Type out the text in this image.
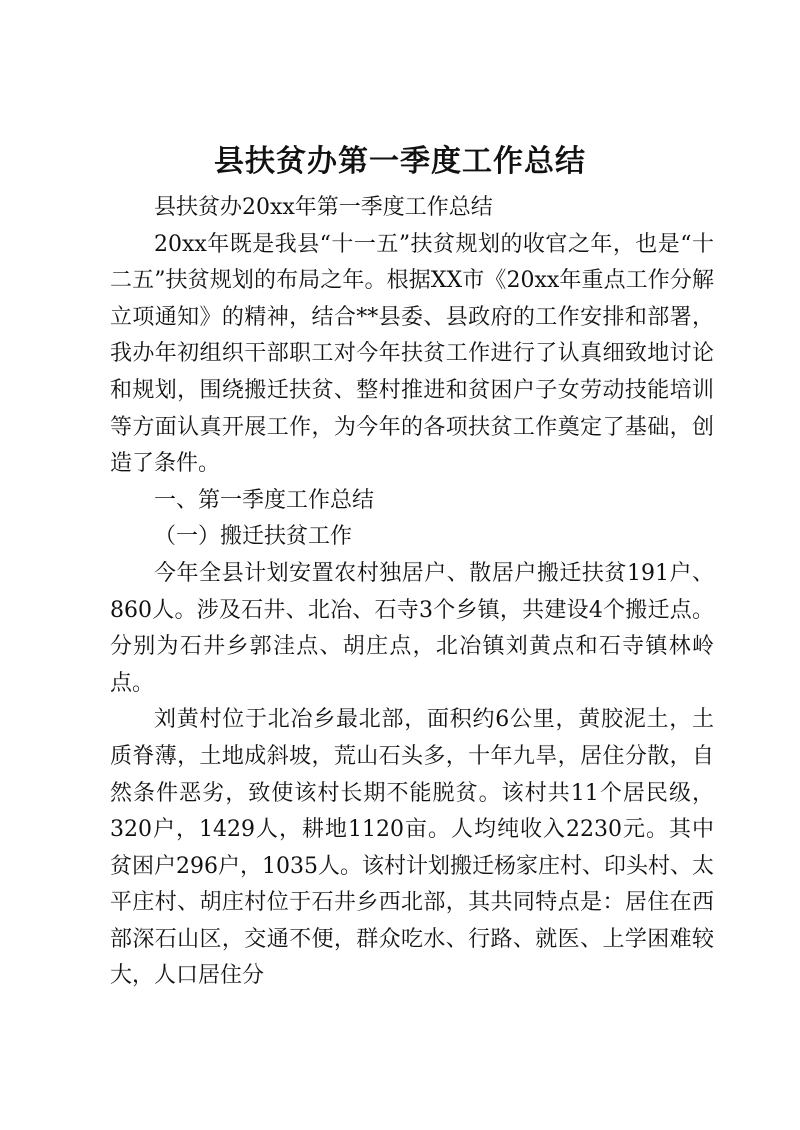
县扶贫办第一季度工作总结

县扶贫办20xx年第一季度工作总结

20xx年既是我县“十一五”扶贫规划的收官之年，也是“十二五”扶贫规划的布局之年。根据XX市《20xx年重点工作分解立项通知》的精神，结合**县委、县政府的工作安排和部署，我办年初组织干部职工对今年扶贫工作进行了认真细致地讨论和规划，围绕搬迁扶贫、整村推进和贫困户子女劳动技能培训等方面认真开展工作，为今年的各项扶贫工作奠定了基础，创造了条件。

一、第一季度工作总结

（一）搬迁扶贫工作

今年全县计划安置农村独居户、散居户搬迁扶贫191户、860人。涉及石井、北冶、石寺3个乡镇，共建设4个搬迁点。分别为石井乡郭洼点、胡庄点，北冶镇刘黄点和石寺镇林岭点。

刘黄村位于北冶乡最北部，面积约6公里，黄胶泥土，土质脊薄，土地成斜坡，荒山石头多，十年九旱，居住分散，自然条件恶劣，致使该村长期不能脱贫。该村共11个居民级，320户，1429人，耕地1120亩。人均纯收入2230元。其中贫困户296户，1035人。该村计划搬迁杨家庄村、印头村、太平庄村、胡庄村位于石井乡西北部，其共同特点是：居住在西部深石山区，交通不便，群众吃水、行路、就医、上学困难较大，人口居住分
